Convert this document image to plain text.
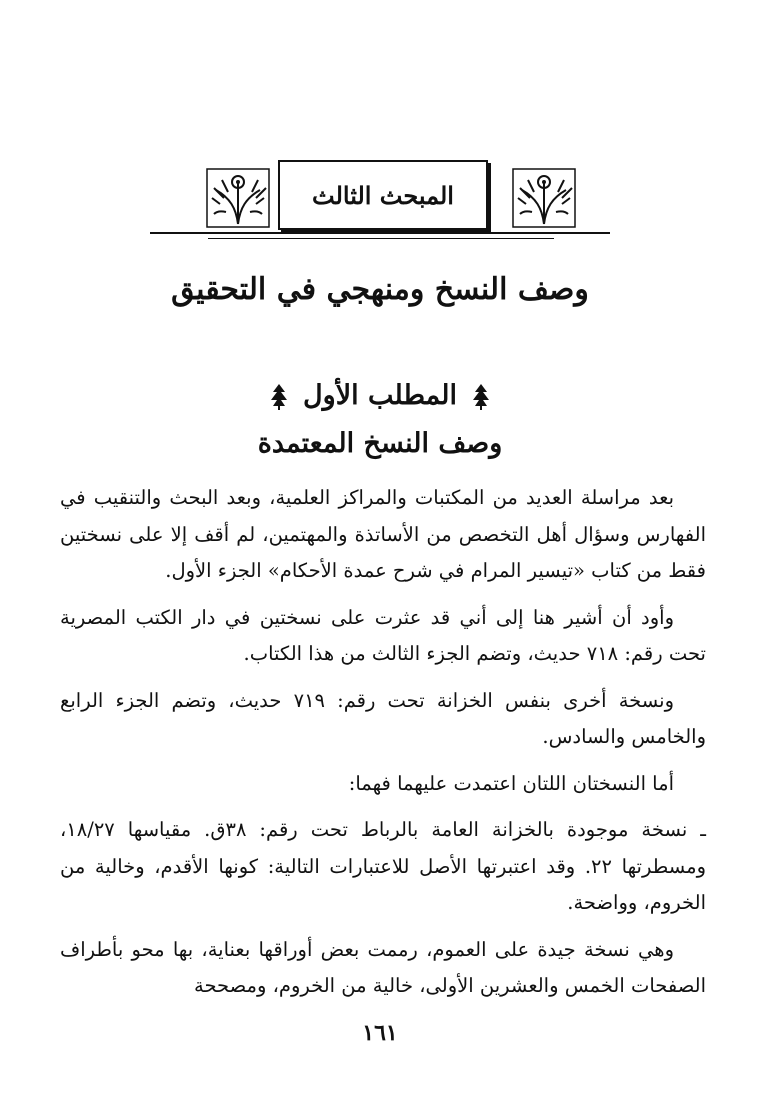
المبحث الثالث
وصف النسخ ومنهجي في التحقيق
المطلب الأول
وصف النسخ المعتمدة

بعد مراسلة العديد من المكتبات والمراكز العلمية، وبعد البحث والتنقيب في الفهارس وسؤال أهل التخصص من الأساتذة والمهتمين، لم أقف إلا على نسختين فقط من كتاب «تيسير المرام في شرح عمدة الأحكام» الجزء الأول.

وأود أن أشير هنا إلى أني قد عثرت على نسختين في دار الكتب المصرية تحت رقم: ٧١٨ حديث، وتضم الجزء الثالث من هذا الكتاب.

ونسخة أخرى بنفس الخزانة تحت رقم: ٧١٩ حديث، وتضم الجزء الرابع والخامس والسادس.

أما النسختان اللتان اعتمدت عليهما فهما:

ـ نسخة موجودة بالخزانة العامة بالرباط تحت رقم: ٣٨ق. مقياسها ١٨/٢٧، ومسطرتها ٢٢. وقد اعتبرتها الأصل للاعتبارات التالية: كونها الأقدم، وخالية من الخروم، وواضحة.

وهي نسخة جيدة على العموم، رممت بعض أوراقها بعناية، بها محو بأطراف الصفحات الخمس والعشرين الأولى، خالية من الخروم، ومصححة

١٦١
